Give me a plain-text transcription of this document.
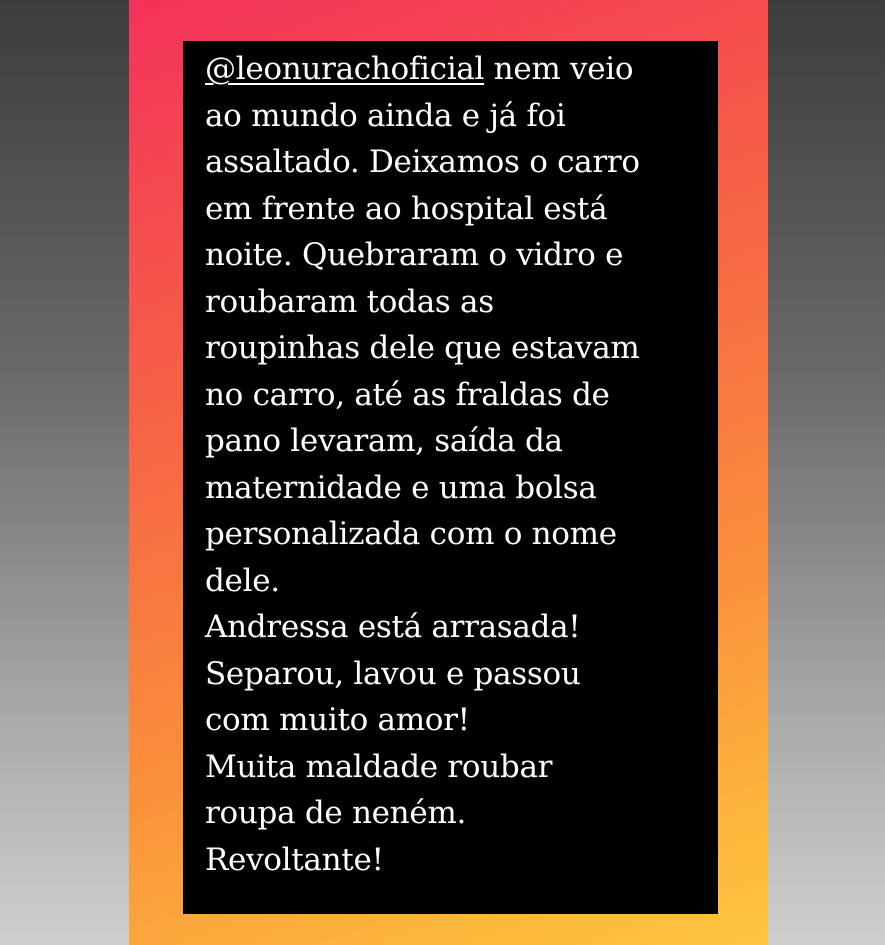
@leonurachoficial nem veio
ao mundo ainda e já foi
assaltado. Deixamos o carro
em frente ao hospital está
noite. Quebraram o vidro e
roubaram todas as
roupinhas dele que estavam
no carro, até as fraldas de
pano levaram, saída da
maternidade e uma bolsa
personalizada com o nome
dele.
Andressa está arrasada!
Separou, lavou e passou
com muito amor!
Muita maldade roubar
roupa de neném.
Revoltante!
